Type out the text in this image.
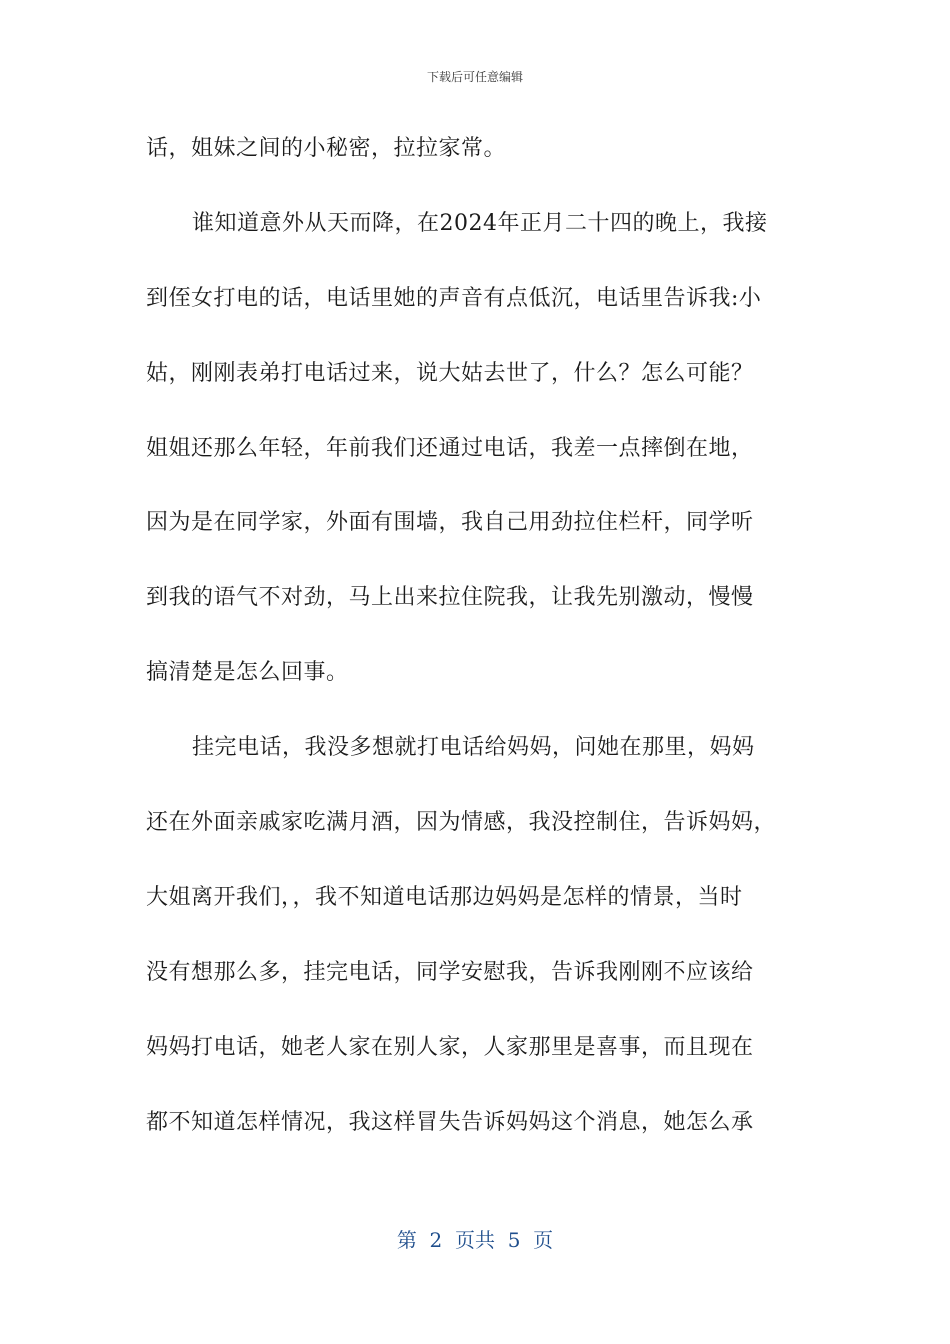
下载后可任意编辑
话，姐妹之间的小秘密，拉拉家常。
谁知道意外从天而降，在2024年正月二十四的晚上，我接
到侄女打电的话，电话里她的声音有点低沉，电话里告诉我:小
姑，刚刚表弟打电话过来，说大姑去世了，什么？怎么可能？
姐姐还那么年轻，年前我们还通过电话，我差一点摔倒在地，
因为是在同学家，外面有围墙，我自己用劲拉住栏杆，同学听
到我的语气不对劲，马上出来拉住院我，让我先别激动，慢慢
搞清楚是怎么回事。
挂完电话，我没多想就打电话给妈妈，问她在那里，妈妈
还在外面亲戚家吃满月酒，因为情感，我没控制住，告诉妈妈，
大姐离开我们，，我不知道电话那边妈妈是怎样的情景，当时
没有想那么多，挂完电话，同学安慰我，告诉我刚刚不应该给
妈妈打电话，她老人家在别人家，人家那里是喜事，而且现在
都不知道怎样情况，我这样冒失告诉妈妈这个消息，她怎么承
第  2  页共  5  页
